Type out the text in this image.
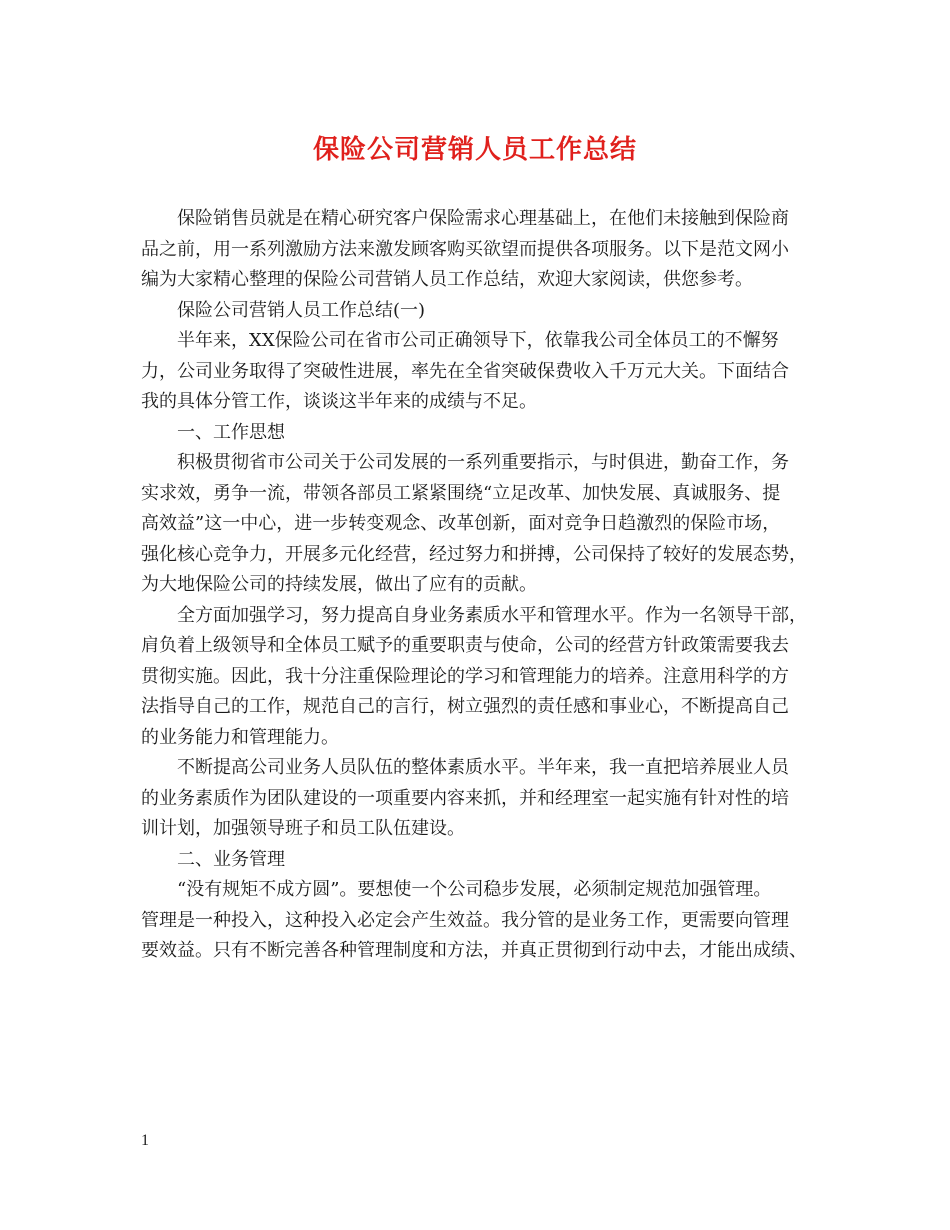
保险公司营销人员工作总结
保险销售员就是在精心研究客户保险需求心理基础上，在他们未接触到保险商
品之前，用一系列激励方法来激发顾客购买欲望而提供各项服务。以下是范文网小
编为大家精心整理的保险公司营销人员工作总结，欢迎大家阅读，供您参考。
保险公司营销人员工作总结(一)
半年来，XX保险公司在省市公司正确领导下，依靠我公司全体员工的不懈努
力，公司业务取得了突破性进展，率先在全省突破保费收入千万元大关。下面结合
我的具体分管工作，谈谈这半年来的成绩与不足。
一、工作思想
积极贯彻省市公司关于公司发展的一系列重要指示，与时俱进，勤奋工作，务
实求效，勇争一流，带领各部员工紧紧围绕“立足改革、加快发展、真诚服务、提
高效益”这一中心，进一步转变观念、改革创新，面对竞争日趋激烈的保险市场，
强化核心竞争力，开展多元化经营，经过努力和拼搏，公司保持了较好的发展态势，
为大地保险公司的持续发展，做出了应有的贡献。
全方面加强学习，努力提高自身业务素质水平和管理水平。作为一名领导干部，
肩负着上级领导和全体员工赋予的重要职责与使命，公司的经营方针政策需要我去
贯彻实施。因此，我十分注重保险理论的学习和管理能力的培养。注意用科学的方
法指导自己的工作，规范自己的言行，树立强烈的责任感和事业心，不断提高自己
的业务能力和管理能力。
不断提高公司业务人员队伍的整体素质水平。半年来，我一直把培养展业人员
的业务素质作为团队建设的一项重要内容来抓，并和经理室一起实施有针对性的培
训计划，加强领导班子和员工队伍建设。
二、业务管理
“没有规矩不成方圆”。要想使一个公司稳步发展，必须制定规范加强管理。
管理是一种投入，这种投入必定会产生效益。我分管的是业务工作，更需要向管理
要效益。只有不断完善各种管理制度和方法，并真正贯彻到行动中去，才能出成绩、
1
